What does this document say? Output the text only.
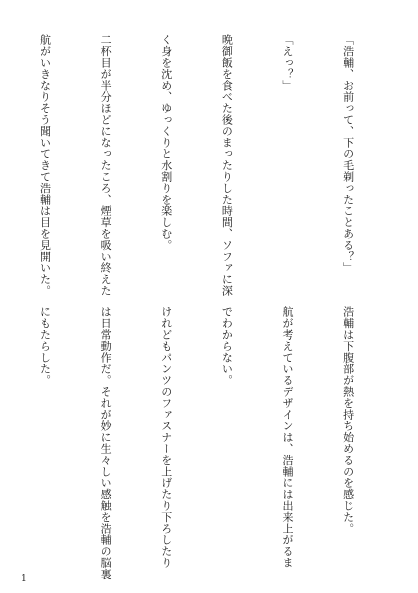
「浩輔、お前って、下の毛剃ったことある？」

「えっ？」

晩御飯を食べた後のまったりした時間、ソファに深

く身を沈め、ゆっくりと水割りを楽しむ。

二杯目が半分ほどになったころ、煙草を吸い終えた

航がいきなりそう聞いてきて浩輔は目を見開いた。

浩輔は下腹部が熱を持ち始めるのを感じた。

航が考えているデザインは、浩輔には出来上がるま

でわからない。

けれどもパンツのファスナーを上げたり下ろしたり

は日常動作だ。それが妙に生々しい感触を浩輔の脳裏

にもたらした。

1
